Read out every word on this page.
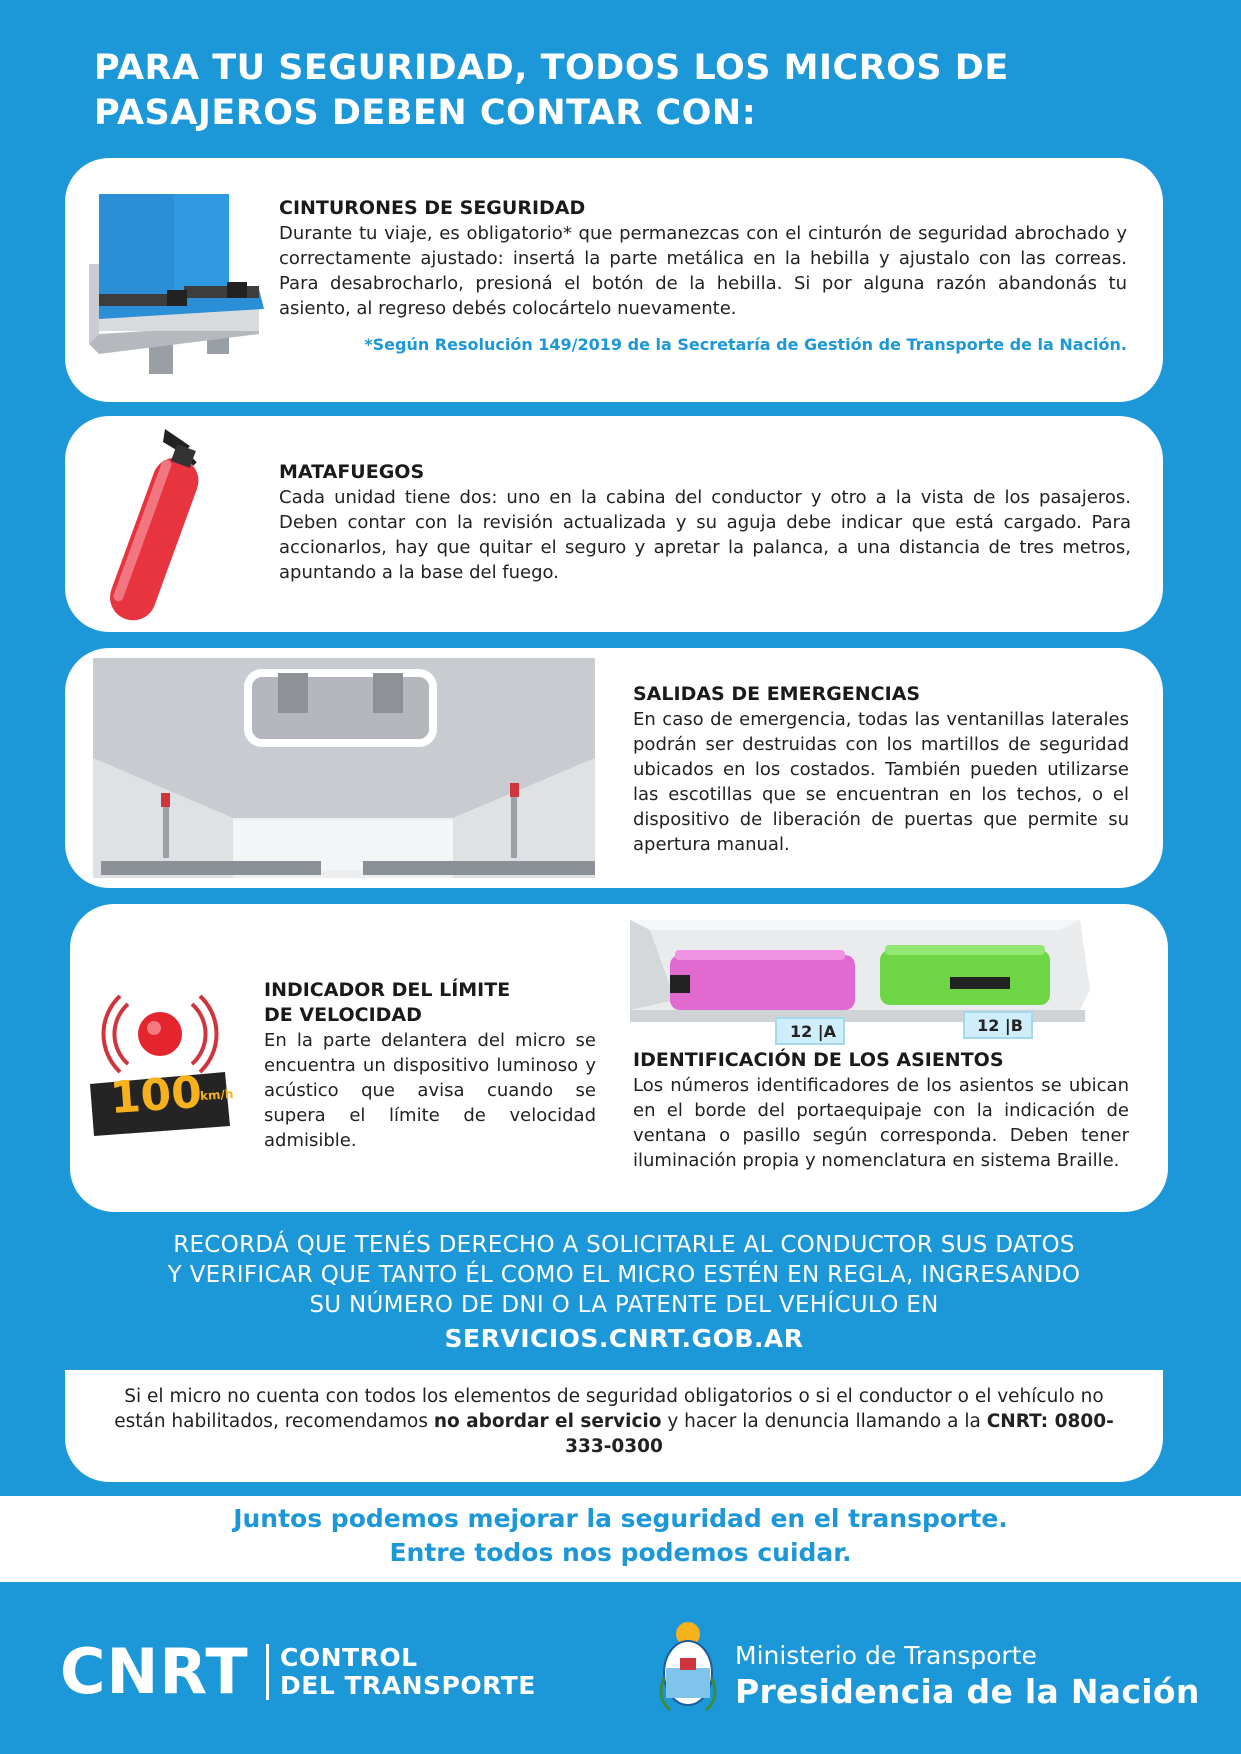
PARA TU SEGURIDAD, TODOS LOS MICROS DE
PASAJEROS DEBEN CONTAR CON:
CINTURONES DE SEGURIDAD
Durante tu viaje, es obligatorio* que permanezcas con el cinturón de seguridad abrochado y correctamente ajustado: insertá la parte metálica en la hebilla y ajustalo con las correas. Para desabrocharlo, presioná el botón de la hebilla. Si por alguna razón abandonás tu asiento, al regreso debés colocártelo nuevamente.
*Según Resolución 149/2019 de la Secretaría de Gestión de Transporte de la Nación.
MATAFUEGOS
Cada unidad tiene dos: uno en la cabina del conductor y otro a la vista de los pasajeros. Deben contar con la revisión actualizada y su aguja debe indicar que está cargado. Para accionarlos, hay que quitar el seguro y apretar la palanca, a una distancia de tres metros, apuntando a la base del fuego.
SALIDAS DE EMERGENCIAS
En caso de emergencia, todas las ventanillas laterales podrán ser destruidas con los martillos de seguridad ubicados en los costados. También pueden utilizarse las escotillas que se encuentran en los techos, o el dispositivo de liberación de puertas que permite su apertura manual.
100
km/h
INDICADOR DEL LÍMITE
DE VELOCIDAD
En la parte delantera del micro se encuentra un dispositivo luminoso y acústico que avisa cuando se supera el límite de velocidad admisible.
12 |A	12 |B
IDENTIFICACIÓN DE LOS ASIENTOS
Los números identificadores de los asientos se ubican en el borde del portaequipaje con la indicación de ventana o pasillo según corresponda. Deben tener iluminación propia y nomenclatura en sistema Braille.
RECORDÁ QUE TENÉS DERECHO A SOLICITARLE AL CONDUCTOR SUS DATOS
Y VERIFICAR QUE TANTO ÉL COMO EL MICRO ESTÉN EN REGLA, INGRESANDO
SU NÚMERO DE DNI O LA PATENTE DEL VEHÍCULO EN
SERVICIOS.CNRT.GOB.AR
Si el micro no cuenta con todos los elementos de seguridad obligatorios o si el conductor o el vehículo no están habilitados, recomendamos no abordar el servicio y hacer la denuncia llamando a la CNRT: 0800-333-0300
Juntos podemos mejorar la seguridad en el transporte.
Entre todos nos podemos cuidar.
CNRT CONTROL
DEL TRANSPORTE
Ministerio de Transporte
Presidencia de la Nación
